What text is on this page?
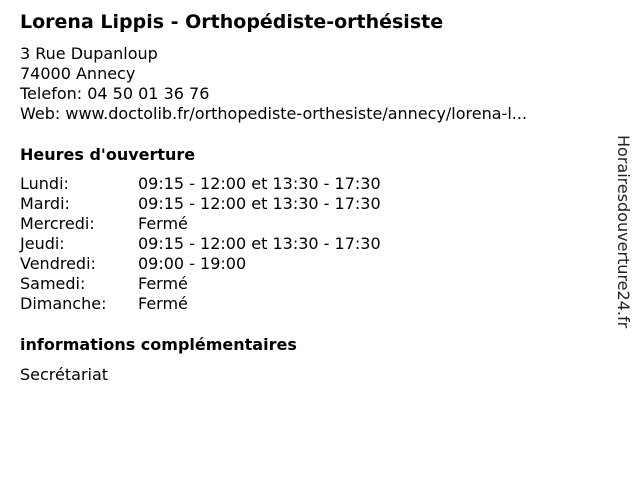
Lorena Lippis - Orthopédiste-orthésiste
3 Rue Dupanloup
74000 Annecy
Telefon: 04 50 01 36 76
Web: www.doctolib.fr/orthopediste-orthesiste/annecy/lorena-l...
Heures d'ouverture
Lundi:	09:15 - 12:00 et 13:30 - 17:30
Mardi:	09:15 - 12:00 et 13:30 - 17:30
Mercredi:	Fermé
Jeudi:	09:15 - 12:00 et 13:30 - 17:30
Vendredi:	09:00 - 19:00
Samedi:	Fermé
Dimanche:	Fermé
informations complémentaires
Secrétariat
Horairesdouverture24.fr
